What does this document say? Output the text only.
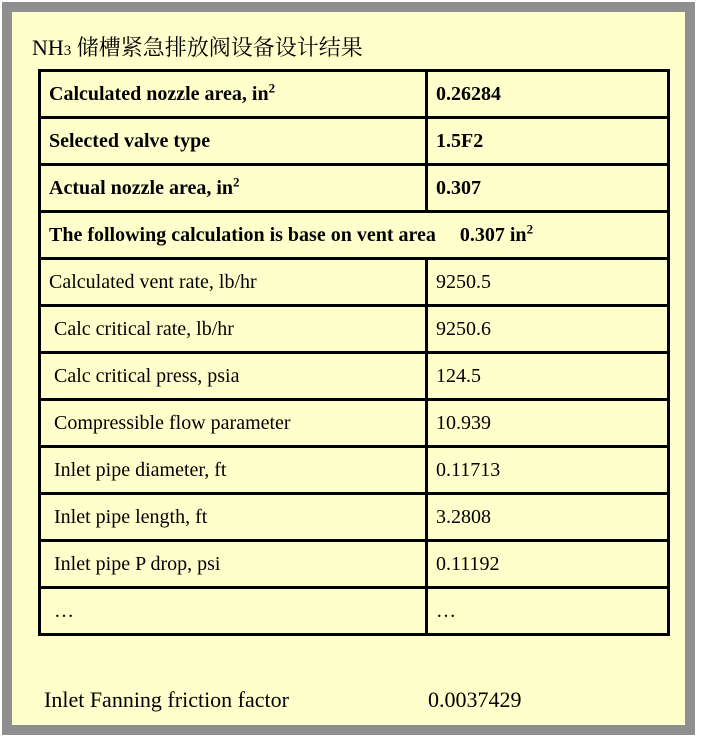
NH3 储槽紧急排放阀设备设计结果
Calculated nozzle area, $in^2$	0.26284
Selected valve type	1.5F2
Actual nozzle area, $in^2$	0.307
The following calculation is base on vent area 0.307 $in^2$
Calculated vent rate, lb/hr	9250.5
Calc critical rate, lb/hr	9250.6
Calc critical press, psia	124.5
Compressible flow parameter	10.939
Inlet pipe diameter, ft	0.11713
Inlet pipe length, ft	3.2808
Inlet pipe P drop, psi	0.11192
…	…
Inlet Fanning friction factor	0.0037429
